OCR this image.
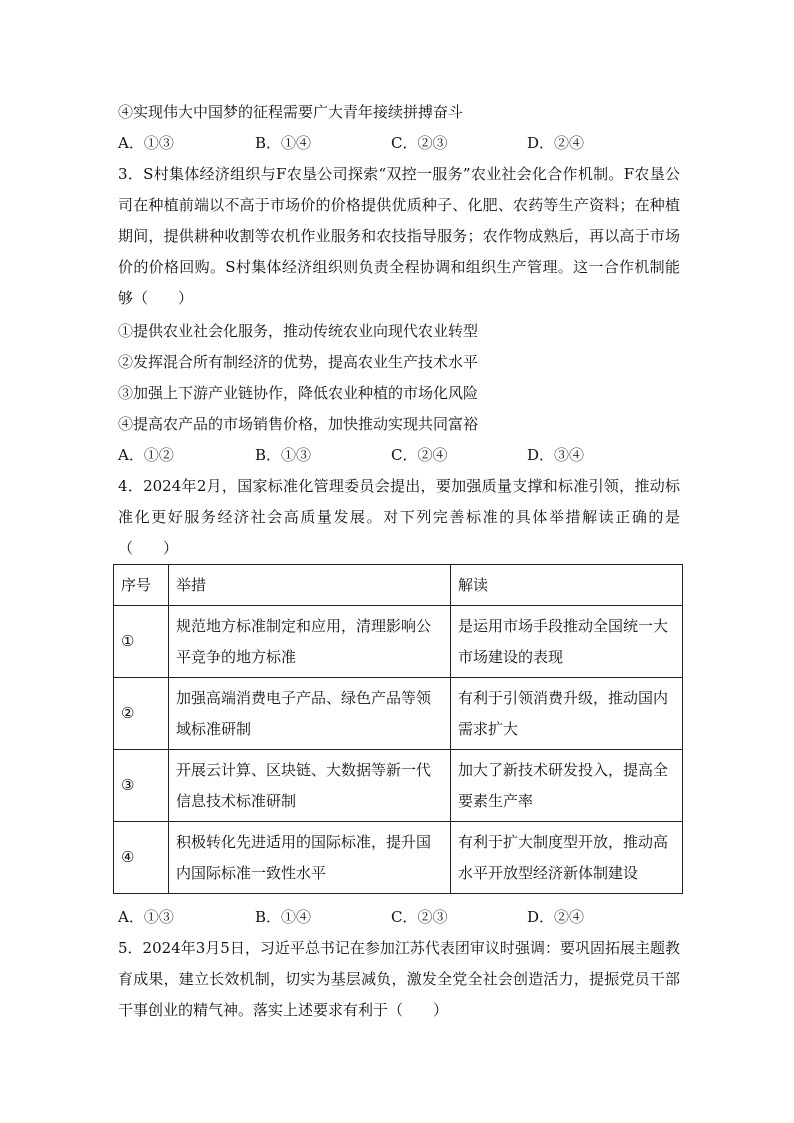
④实现伟大中国梦的征程需要广大青年接续拼搏奋斗
A．①③	B．①④	C．②③	D．②④
3．S村集体经济组织与F农垦公司探索“双控一服务”农业社会化合作机制。F农垦公司在种植前端以不高于市场价的价格提供优质种子、化肥、农药等生产资料；在种植期间，提供耕种收割等农机作业服务和农技指导服务；农作物成熟后，再以高于市场价的价格回购。S村集体经济组织则负责全程协调和组织生产管理。这一合作机制能够（　　）
①提供农业社会化服务，推动传统农业向现代农业转型
②发挥混合所有制经济的优势，提高农业生产技术水平
③加强上下游产业链协作，降低农业种植的市场化风险
④提高农产品的市场销售价格，加快推动实现共同富裕
A．①②	B．①③	C．②④	D．③④
4．2024年2月，国家标准化管理委员会提出，要加强质量支撑和标准引领，推动标准化更好服务经济社会高质量发展。对下列完善标准的具体举措解读正确的是（　　）
序号	举措	解读
①	规范地方标准制定和应用，清理影响公平竞争的地方标准	是运用市场手段推动全国统一大市场建设的表现
②	加强高端消费电子产品、绿色产品等领域标准研制	有利于引领消费升级，推动国内需求扩大
③	开展云计算、区块链、大数据等新一代信息技术标准研制	加大了新技术研发投入，提高全要素生产率
④	积极转化先进适用的国际标准，提升国内国际标准一致性水平	有利于扩大制度型开放，推动高水平开放型经济新体制建设
A．①③	B．①④	C．②③	D．②④
5．2024年3月5日，习近平总书记在参加江苏代表团审议时强调：要巩固拓展主题教育成果，建立长效机制，切实为基层减负，激发全党全社会创造活力，提振党员干部干事创业的精气神。落实上述要求有利于（　　）
